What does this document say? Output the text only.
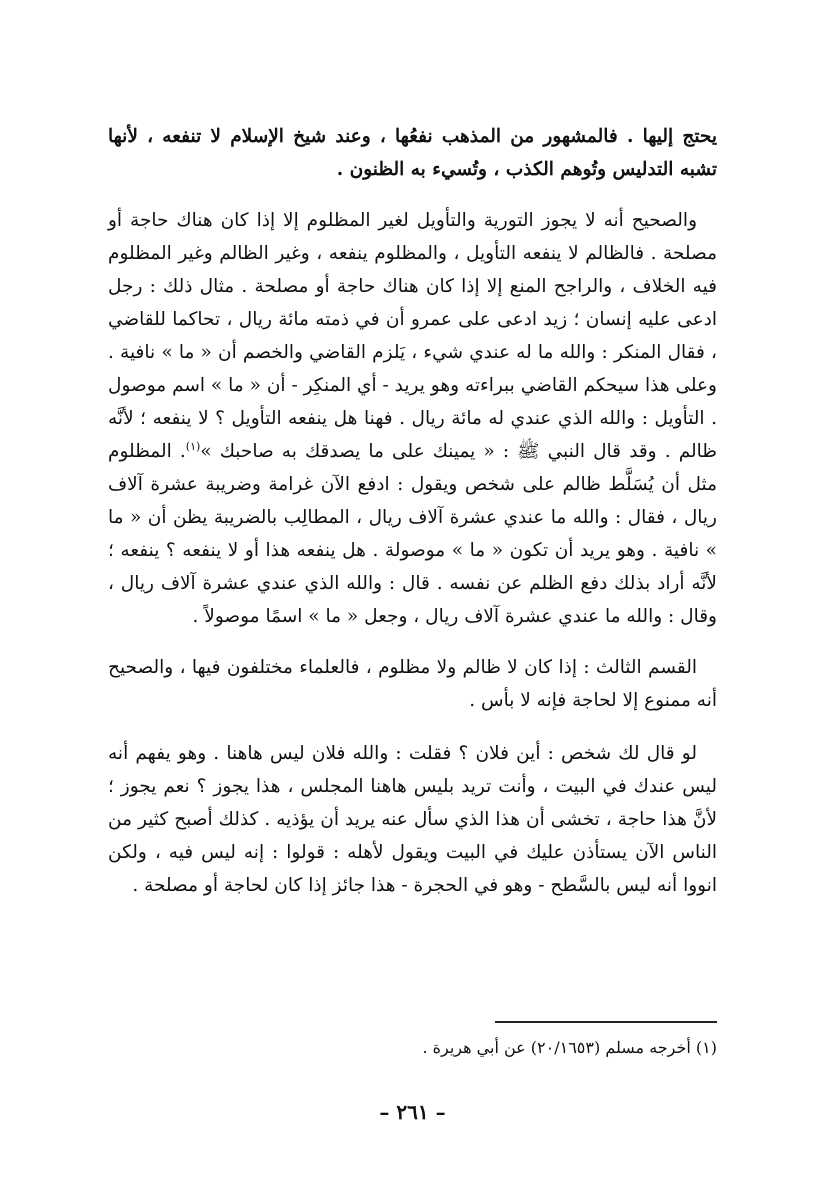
يحتج إليها . فالمشهور من المذهب نفعُها ، وعند شيخ الإسلام لا تنفعه ، لأنها تشبه التدليس وتُوهم الكذب ، وتُسيء به الظنون .

والصحيح أنه لا يجوز التورية والتأويل لغير المظلوم إلا إذا كان هناك حاجة أو مصلحة . فالظالم لا ينفعه التأويل ، والمظلوم ينفعه ، وغير الظالم وغير المظلوم فيه الخلاف ، والراجح المنع إلا إذا كان هناك حاجة أو مصلحة . مثال ذلك : رجل ادعى عليه إنسان ؛ زيد ادعى على عمرو أن في ذمته مائة ريال ، تحاكما للقاضي ، فقال المنكر : والله ما له عندي شيء ، يَلزم القاضي والخصم أن « ما » نافية . وعلى هذا سيحكم القاضي ببراءته وهو يريد - أي المنكِر - أن « ما » اسم موصول . التأويل : والله الذي عندي له مائة ريال . فهنا هل ينفعه التأويل ؟ لا ينفعه ؛ لأنَّه ظالم . وقد قال النبي ﷺ : « يمينك على ما يصدقك به صاحبك »$^{(١)}$. المظلوم مثل أن يُسَلَّط ظالم على شخص ويقول : ادفع الآن غرامة وضريبة عشرة آلاف ريال ، فقال : والله ما عندي عشرة آلاف ريال ، المطالِب بالضريبة يظن أن « ما » نافية . وهو يريد أن تكون « ما » موصولة . هل ينفعه هذا أو لا ينفعه ؟ ينفعه ؛ لأنَّه أراد بذلك دفع الظلم عن نفسه . قال : والله الذي عندي عشرة آلاف ريال ، وقال : والله ما عندي عشرة آلاف ريال ، وجعل « ما » اسمًا موصولاً .

القسم الثالث : إذا كان لا ظالم ولا مظلوم ، فالعلماء مختلفون فيها ، والصحيح أنه ممنوع إلا لحاجة فإنه لا بأس .

لو قال لك شخص : أين فلان ؟ فقلت : والله فلان ليس هاهنا . وهو يفهم أنه ليس عندك في البيت ، وأنت تريد بليس هاهنا المجلس ، هذا يجوز ؟ نعم يجوز ؛ لأنَّ هذا حاجة ، تخشى أن هذا الذي سأل عنه يريد أن يؤذيه . كذلك أصبح كثير من الناس الآن يستأذن عليك في البيت ويقول لأهله : قولوا : إنه ليس فيه ، ولكن انووا أنه ليس بالسَّطح - وهو في الحجرة - هذا جائز إذا كان لحاجة أو مصلحة .

(١) أخرجه مسلم (٢٠/١٦٥٣) عن أبي هريرة .
– ٢٦١ –
